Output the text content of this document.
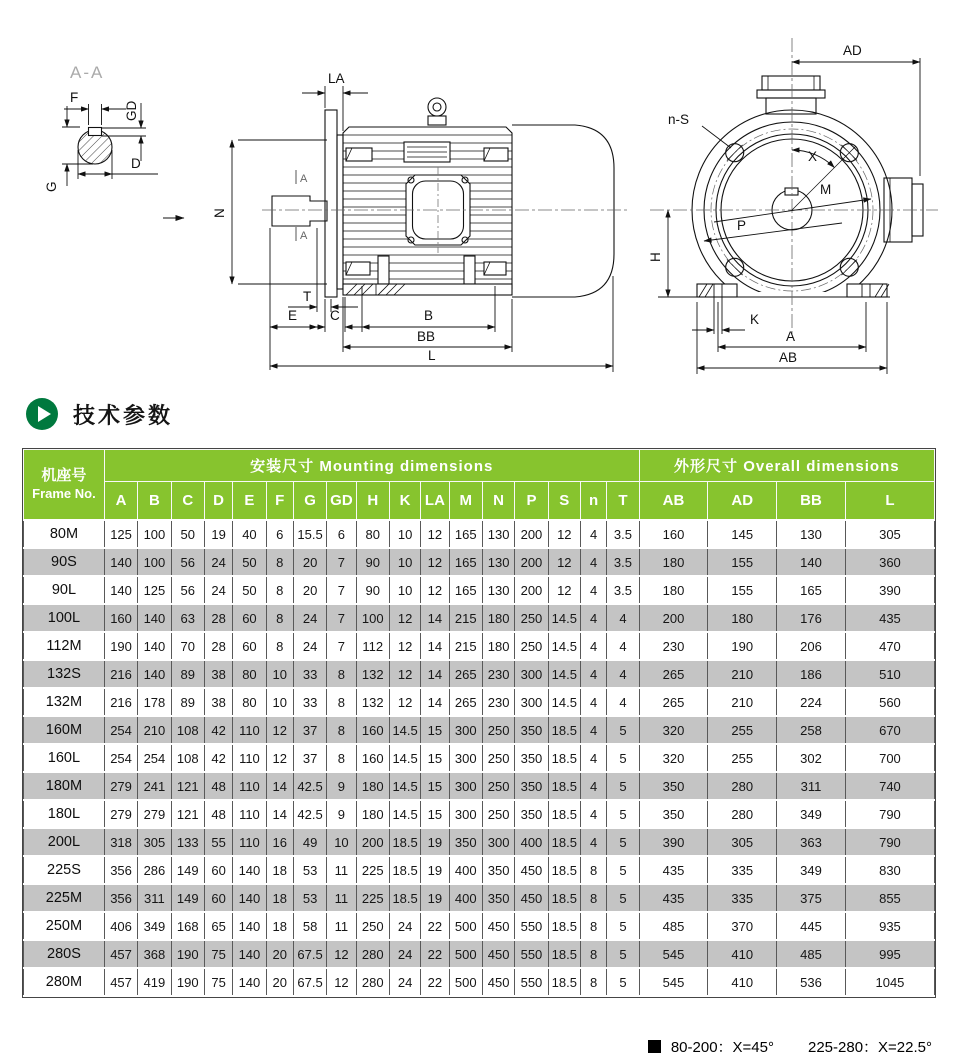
A-A
F
GD
D
G
A
A
LA
N
T
E C	B
BB
L
AD
n-S
X
M
P
H
K
A
AB
技术参数
机座号
Frame No.	安装尺寸 Mounting dimensions																	外形尺寸 Overall dimensions			
	A	B	C	D	E	F	G	GD	H	K	LA	M	N	P	S	n	T	AB	AD	BB	L
80M	125	100	50	19	40	6	15.5	6	80	10	12	165	130	200	12	4	3.5	160	145	130	305
90S	140	100	56	24	50	8	20	7	90	10	12	165	130	200	12	4	3.5	180	155	140	360
90L	140	125	56	24	50	8	20	7	90	10	12	165	130	200	12	4	3.5	180	155	165	390
100L	160	140	63	28	60	8	24	7	100	12	14	215	180	250	14.5	4	4	200	180	176	435
112M	190	140	70	28	60	8	24	7	112	12	14	215	180	250	14.5	4	4	230	190	206	470
132S	216	140	89	38	80	10	33	8	132	12	14	265	230	300	14.5	4	4	265	210	186	510
132M	216	178	89	38	80	10	33	8	132	12	14	265	230	300	14.5	4	4	265	210	224	560
160M	254	210	108	42	110	12	37	8	160	14.5	15	300	250	350	18.5	4	5	320	255	258	670
160L	254	254	108	42	110	12	37	8	160	14.5	15	300	250	350	18.5	4	5	320	255	302	700
180M	279	241	121	48	110	14	42.5	9	180	14.5	15	300	250	350	18.5	4	5	350	280	311	740
180L	279	279	121	48	110	14	42.5	9	180	14.5	15	300	250	350	18.5	4	5	350	280	349	790
200L	318	305	133	55	110	16	49	10	200	18.5	19	350	300	400	18.5	4	5	390	305	363	790
225S	356	286	149	60	140	18	53	11	225	18.5	19	400	350	450	18.5	8	5	435	335	349	830
225M	356	311	149	60	140	18	53	11	225	18.5	19	400	350	450	18.5	8	5	435	335	375	855
250M	406	349	168	65	140	18	58	11	250	24	22	500	450	550	18.5	8	5	485	370	445	935
280S	457	368	190	75	140	20	67.5	12	280	24	22	500	450	550	18.5	8	5	545	410	485	995
280M	457	419	190	75	140	20	67.5	12	280	24	22	500	450	550	18.5	8	5	545	410	536	1045
80-200：X=45° 225-280：X=22.5°
